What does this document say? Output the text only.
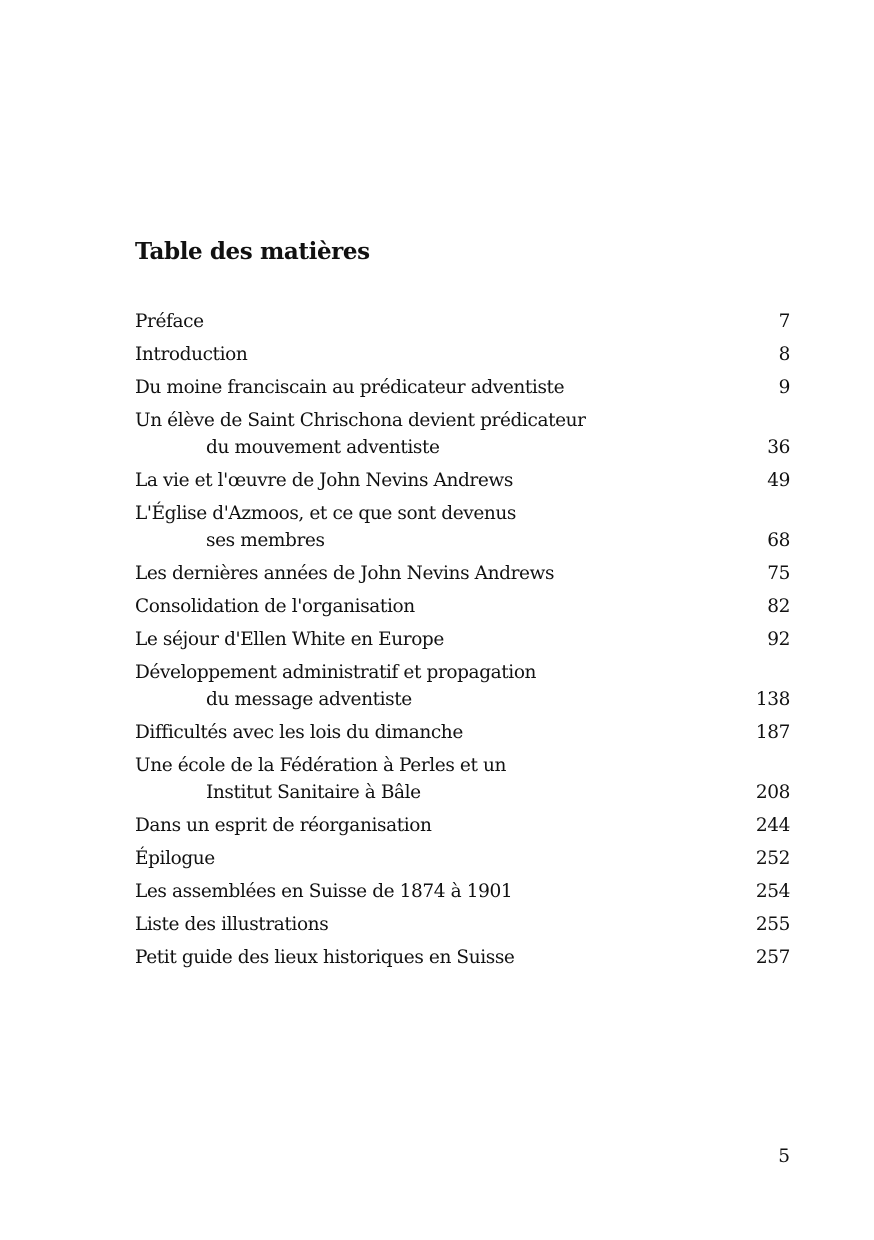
Table des matières
Préface	7
Introduction	8
Du moine franciscain au prédicateur adventiste	9
Un élève de Saint Chrischona devient prédicateur
du mouvement adventiste	36
La vie et l'œuvre de John Nevins Andrews	49
L'Église d'Azmoos, et ce que sont devenus
ses membres	68
Les dernières années de John Nevins Andrews	75
Consolidation de l'organisation	82
Le séjour d'Ellen White en Europe	92
Développement administratif et propagation
du message adventiste	138
Difficultés avec les lois du dimanche	187
Une école de la Fédération à Perles et un
Institut Sanitaire à Bâle	208
Dans un esprit de réorganisation	244
Épilogue	252
Les assemblées en Suisse de 1874 à 1901	254
Liste des illustrations	255
Petit guide des lieux historiques en Suisse	257
5
